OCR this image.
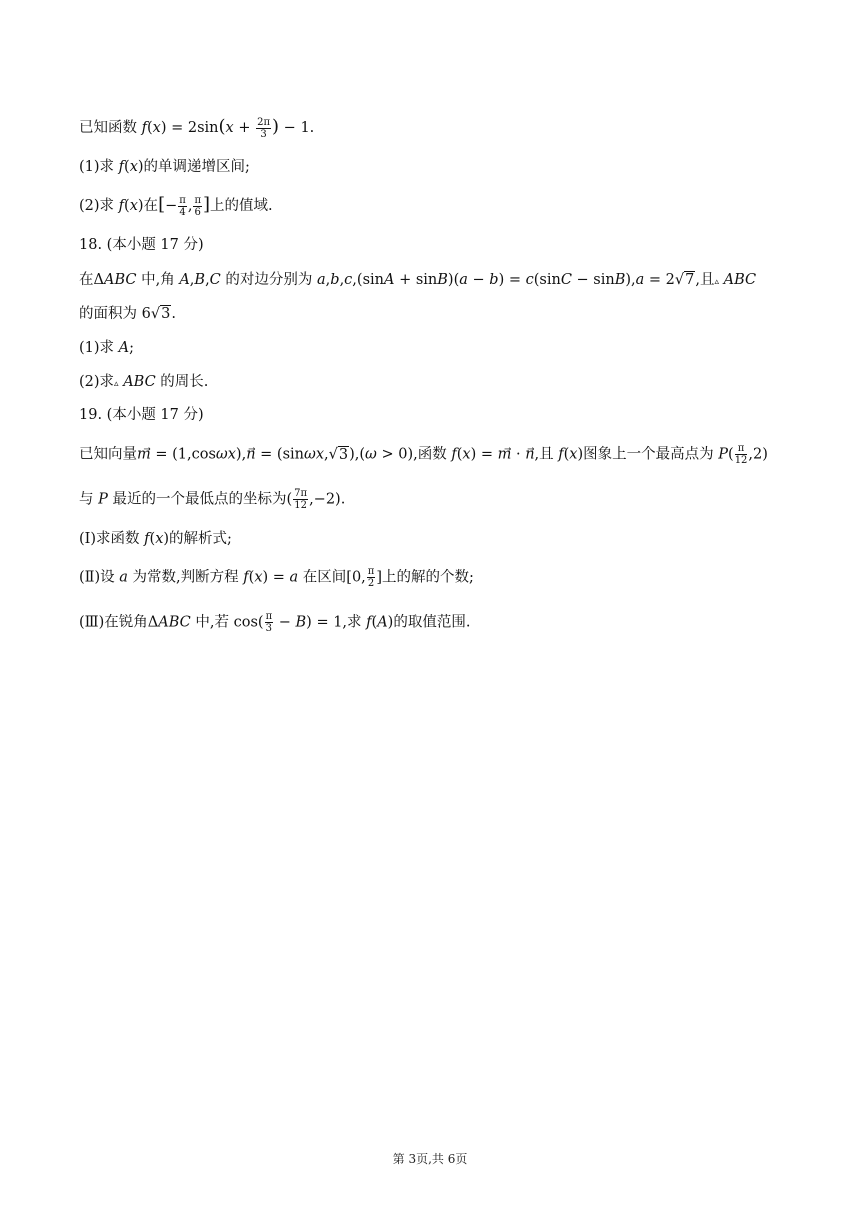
已知函数 $f(x) = 2\sin(x + \frac{2\pi}{3}$ ) − 1.
(1)求 f(x)的单调递增区间;
(2)求 f(x)在[− $\frac{\pi}{4}$ , $\frac{\pi}{6}$ ]上的值域.
18. (本小题 17 分)
在ΔABC 中,角 A,B,C 的对边分别为 a,b,c,(sinA + sinB)(a − b) = c(sinC − sinB),a = 2√7,且▵ ABC
的面积为 6√3.
(1)求 A;
(2)求▵ ABC 的周长.
19. (本小题 17 分)
已知向量m⃗ = (1,cosωx),n⃗ = (sinωx,√3),(ω > 0),函数 f(x) = m⃗ · n⃗,且 f(x)图象上一个最高点为 $P( \frac{\pi}{12} ,2)$
与 P 最近的一个最低点的坐标为( $\frac{7\pi}{12} ,-2$).
(Ⅰ)求函数 f(x)的解析式;
(Ⅱ)设 a 为常数,判断方程 f(x) = a 在区间[0, $\frac{\pi}{2}$ ]上的解的个数;
(Ⅲ)在锐角ΔABC 中,若 $\cos( \frac{\pi}{3} - B) = 1$,求 f(A)的取值范围.
第 3页,共 6页
